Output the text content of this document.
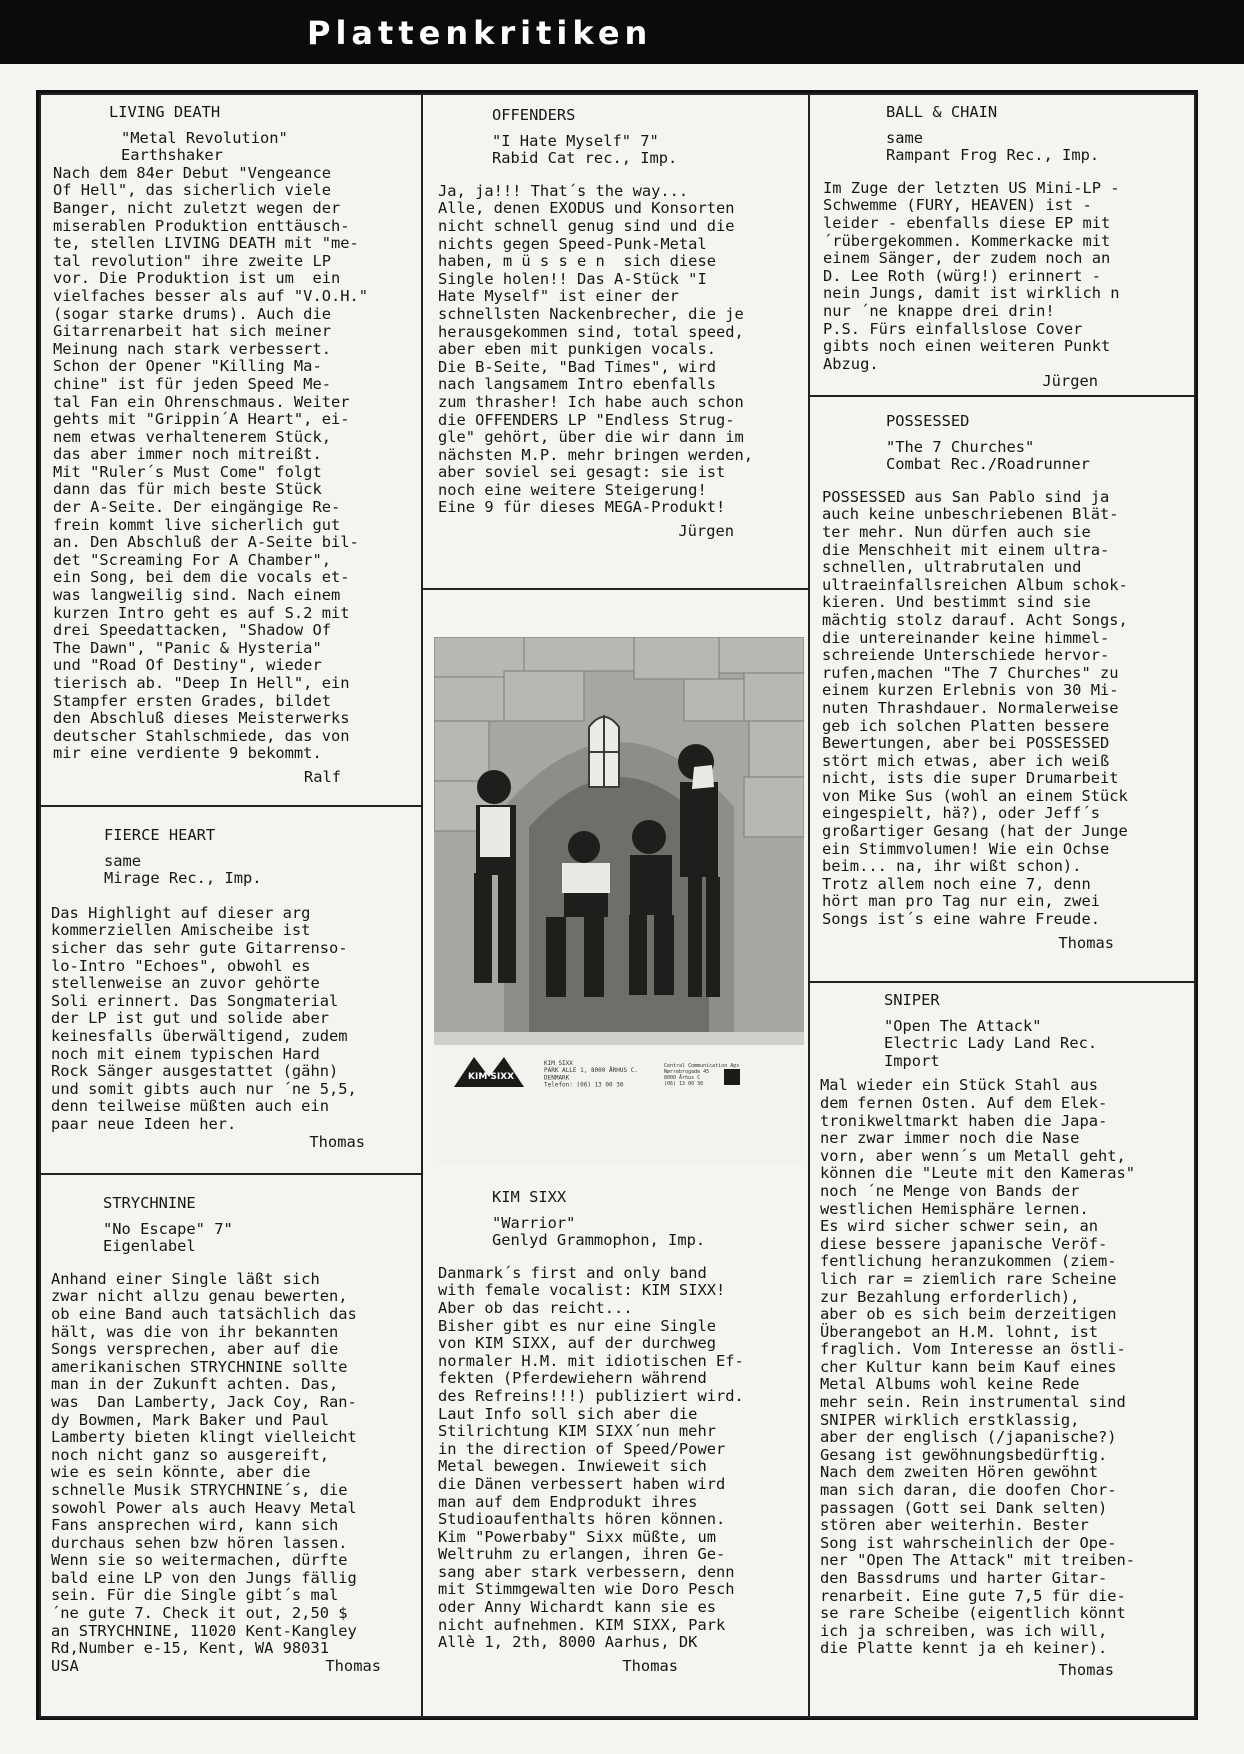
Plattenkritiken

LIVING DEATH

"Metal Revolution"

Earthshaker

Nach dem 84er Debut "Vengeance
Of Hell", das sicherlich viele
Banger, nicht zuletzt wegen der
miserablen Produktion enttäusch-
te, stellen LIVING DEATH mit "me-
tal revolution" ihre zweite LP
vor. Die Produktion ist um  ein
vielfaches besser als auf "V.O.H."
(sogar starke drums). Auch die
Gitarrenarbeit hat sich meiner
Meinung nach stark verbessert.
Schon der Opener "Killing Ma-
chine" ist für jeden Speed Me-
tal Fan ein Ohrenschmaus. Weiter
gehts mit "Grippin´A Heart", ei-
nem etwas verhaltenerem Stück,
das aber immer noch mitreißt.
Mit "Ruler´s Must Come" folgt
dann das für mich beste Stück
der A-Seite. Der eingängige Re-
frein kommt live sicherlich gut
an. Den Abschluß der A-Seite bil-
det "Screaming For A Chamber",
ein Song, bei dem die vocals et-
was langweilig sind. Nach einem
kurzen Intro geht es auf S.2 mit
drei Speedattacken, "Shadow Of
The Dawn", "Panic & Hysteria"
und "Road Of Destiny", wieder
tierisch ab. "Deep In Hell", ein
Stampfer ersten Grades, bildet
den Abschluß dieses Meisterwerks
deutscher Stahlschmiede, das von
mir eine verdiente 9 bekommt.

Ralf

OFFENDERS

"I Hate Myself" 7"

Rabid Cat rec., Imp.

Ja, ja!!! That´s the way...
Alle, denen EXODUS und Konsorten
nicht schnell genug sind und die
nichts gegen Speed-Punk-Metal
haben, m ü s s e n  sich diese
Single holen!! Das A-Stück "I
Hate Myself" ist einer der
schnellsten Nackenbrecher, die je
herausgekommen sind, total speed,
aber eben mit punkigen vocals.
Die B-Seite, "Bad Times", wird
nach langsamem Intro ebenfalls
zum thrasher! Ich habe auch schon
die OFFENDERS LP "Endless Strug-
gle" gehört, über die wir dann im
nächsten M.P. mehr bringen werden,
aber soviel sei gesagt: sie ist
noch eine weitere Steigerung!
Eine 9 für dieses MEGA-Produkt!

Jürgen

BALL & CHAIN

same

Rampant Frog Rec., Imp.

Im Zuge der letzten US Mini-LP -
Schwemme (FURY, HEAVEN) ist -
leider - ebenfalls diese EP mit
´rübergekommen. Kommerkacke mit
einem Sänger, der zudem noch an
D. Lee Roth (würg!) erinnert -
nein Jungs, damit ist wirklich n
nur ´ne knappe drei drin!
P.S. Fürs einfallslose Cover
gibts noch einen weiteren Punkt
Abzug.

Jürgen

POSSESSED

"The 7 Churches"

Combat Rec./Roadrunner

POSSESSED aus San Pablo sind ja
auch keine unbeschriebenen Blät-
ter mehr. Nun dürfen auch sie
die Menschheit mit einem ultra-
schnellen, ultrabrutalen und
ultraeinfallsreichen Album schok-
kieren. Und bestimmt sind sie
mächtig stolz darauf. Acht Songs,
die untereinander keine himmel-
schreiende Unterschiede hervor-
rufen,machen "The 7 Churches" zu
einem kurzen Erlebnis von 30 Mi-
nuten Thrashdauer. Normalerweise
geb ich solchen Platten bessere
Bewertungen, aber bei POSSESSED
stört mich etwas, aber ich weiß
nicht, ists die super Drumarbeit
von Mike Sus (wohl an einem Stück
eingespielt, hä?), oder Jeff´s
großartiger Gesang (hat der Junge
ein Stimmvolumen! Wie ein Ochse
beim... na, ihr wißt schon).
Trotz allem noch eine 7, denn
hört man pro Tag nur ein, zwei
Songs ist´s eine wahre Freude.

Thomas

FIERCE HEART

same

Mirage Rec., Imp.

Das Highlight auf dieser arg
kommerziellen Amischeibe ist
sicher das sehr gute Gitarrenso-
lo-Intro "Echoes", obwohl es
stellenweise an zuvor gehörte
Soli erinnert. Das Songmaterial
der LP ist gut und solide aber
keinesfalls überwältigend, zudem
noch mit einem typischen Hard
Rock Sänger ausgestattet (gähn)
und somit gibts auch nur ´ne 5,5,
denn teilweise müßten auch ein
paar neue Ideen her.

Thomas

KIM SIXX
KIM SIXX PARK ALLE 1, 8000 ÅRHUS C. DENMARK Telefon: (06) 13 00 30
Central Communication Aps Nørrebrogade 45 8000 Århus C (06) 13 00 30

KIM SIXX

"Warrior"

Genlyd Grammophon, Imp.

Danmark´s first and only band
with female vocalist: KIM SIXX!
Aber ob das reicht...
Bisher gibt es nur eine Single
von KIM SIXX, auf der durchweg
normaler H.M. mit idiotischen Ef-
fekten (Pferdewiehern während
des Refreins!!!) publiziert wird.
Laut Info soll sich aber die
Stilrichtung KIM SIXX´nun mehr
in the direction of Speed/Power
Metal bewegen. Inwieweit sich
die Dänen verbessert haben wird
man auf dem Endprodukt ihres
Studioaufenthalts hören können.
Kim "Powerbaby" Sixx müßte, um
Weltruhm zu erlangen, ihren Ge-
sang aber stark verbessern, denn
mit Stimmgewalten wie Doro Pesch
oder Anny Wichardt kann sie es
nicht aufnehmen. KIM SIXX, Park
Allè 1, 2th, 8000 Aarhus, DK

Thomas

SNIPER

"Open The Attack"

Electric Lady Land Rec.
Import

Mal wieder ein Stück Stahl aus
dem fernen Osten. Auf dem Elek-
tronikweltmarkt haben die Japa-
ner zwar immer noch die Nase
vorn, aber wenn´s um Metall geht,
können die "Leute mit den Kameras"
noch ´ne Menge von Bands der
westlichen Hemisphäre lernen.
Es wird sicher schwer sein, an
diese bessere japanische Veröf-
fentlichung heranzukommen (ziem-
lich rar = ziemlich rare Scheine
zur Bezahlung erforderlich),
aber ob es sich beim derzeitigen
Überangebot an H.M. lohnt, ist
fraglich. Vom Interesse an östli-
cher Kultur kann beim Kauf eines
Metal Albums wohl keine Rede
mehr sein. Rein instrumental sind
SNIPER wirklich erstklassig,
aber der englisch (/japanische?)
Gesang ist gewöhnungsbedürftig.
Nach dem zweiten Hören gewöhnt
man sich daran, die doofen Chor-
passagen (Gott sei Dank selten)
stören aber weiterhin. Bester
Song ist wahrscheinlich der Ope-
ner "Open The Attack" mit treiben-
den Bassdrums und harter Gitar-
renarbeit. Eine gute 7,5 für die-
se rare Scheibe (eigentlich könnt
ich ja schreiben, was ich will,
die Platte kennt ja eh keiner).

Thomas

STRYCHNINE

"No Escape" 7"

Eigenlabel

Anhand einer Single läßt sich
zwar nicht allzu genau bewerten,
ob eine Band auch tatsächlich das
hält, was die von ihr bekannten
Songs versprechen, aber auf die
amerikanischen STRYCHNINE sollte
man in der Zukunft achten. Das,
was  Dan Lamberty, Jack Coy, Ran-
dy Bowmen, Mark Baker und Paul
Lamberty bieten klingt vielleicht
noch nicht ganz so ausgereift,
wie es sein könnte, aber die
schnelle Musik STRYCHNINE´s, die
sowohl Power als auch Heavy Metal
Fans ansprechen wird, kann sich
durchaus sehen bzw hören lassen.
Wenn sie so weitermachen, dürfte
bald eine LP von den Jungs fällig
sein. Für die Single gibt´s mal
´ne gute 7. Check it out, 2,50 $
an STRYCHNINE, 11020 Kent-Kangley
Rd,Number e-15, Kent, WA 98031
USA	Thomas
